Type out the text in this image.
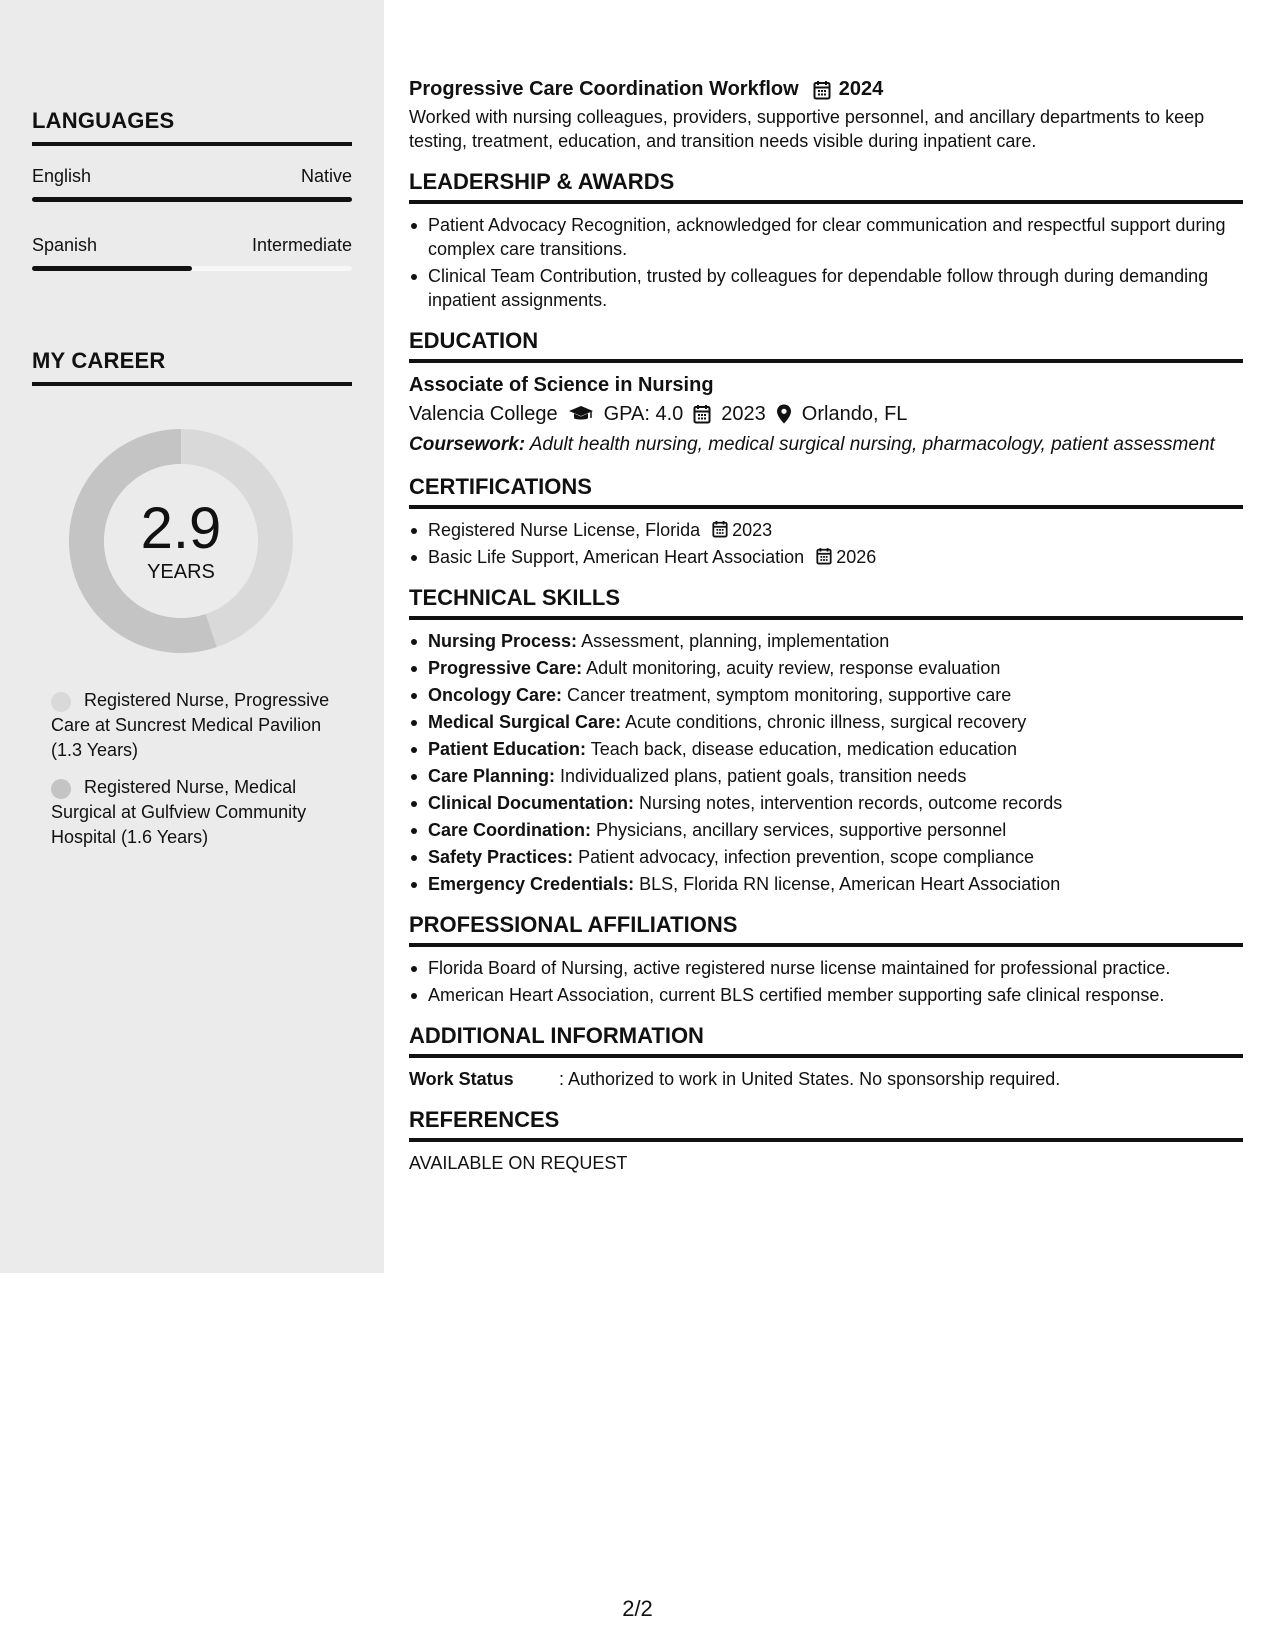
LANGUAGES
English	Native
Spanish	Intermediate
MY CAREER
2.9
YEARS
Registered Nurse, Progressive Care at Suncrest Medical Pavilion (1.3 Years)
Registered Nurse, Medical Surgical at Gulfview Community Hospital (1.6 Years)
Progressive Care Coordination Workflow 2024
Worked with nursing colleagues, providers, supportive personnel, and ancillary departments to keep testing, treatment, education, and transition needs visible during inpatient care.
LEADERSHIP & AWARDS
Patient Advocacy Recognition, acknowledged for clear communication and respectful support during complex care transitions.
Clinical Team Contribution, trusted by colleagues for dependable follow through during demanding inpatient assignments.
EDUCATION
Associate of Science in Nursing
Valencia College GPA: 4.0 2023 Orlando, FL
Coursework: Adult health nursing, medical surgical nursing, pharmacology, patient assessment
CERTIFICATIONS
Registered Nurse License, Florida 2023
Basic Life Support, American Heart Association 2026
TECHNICAL SKILLS
Nursing Process: Assessment, planning, implementation
Progressive Care: Adult monitoring, acuity review, response evaluation
Oncology Care: Cancer treatment, symptom monitoring, supportive care
Medical Surgical Care: Acute conditions, chronic illness, surgical recovery
Patient Education: Teach back, disease education, medication education
Care Planning: Individualized plans, patient goals, transition needs
Clinical Documentation: Nursing notes, intervention records, outcome records
Care Coordination: Physicians, ancillary services, supportive personnel
Safety Practices: Patient advocacy, infection prevention, scope compliance
Emergency Credentials: BLS, Florida RN license, American Heart Association
PROFESSIONAL AFFILIATIONS
Florida Board of Nursing, active registered nurse license maintained for professional practice.
American Heart Association, current BLS certified member supporting safe clinical response.
ADDITIONAL INFORMATION
Work Status	: Authorized to work in United States. No sponsorship required.
REFERENCES
AVAILABLE ON REQUEST
2/2
